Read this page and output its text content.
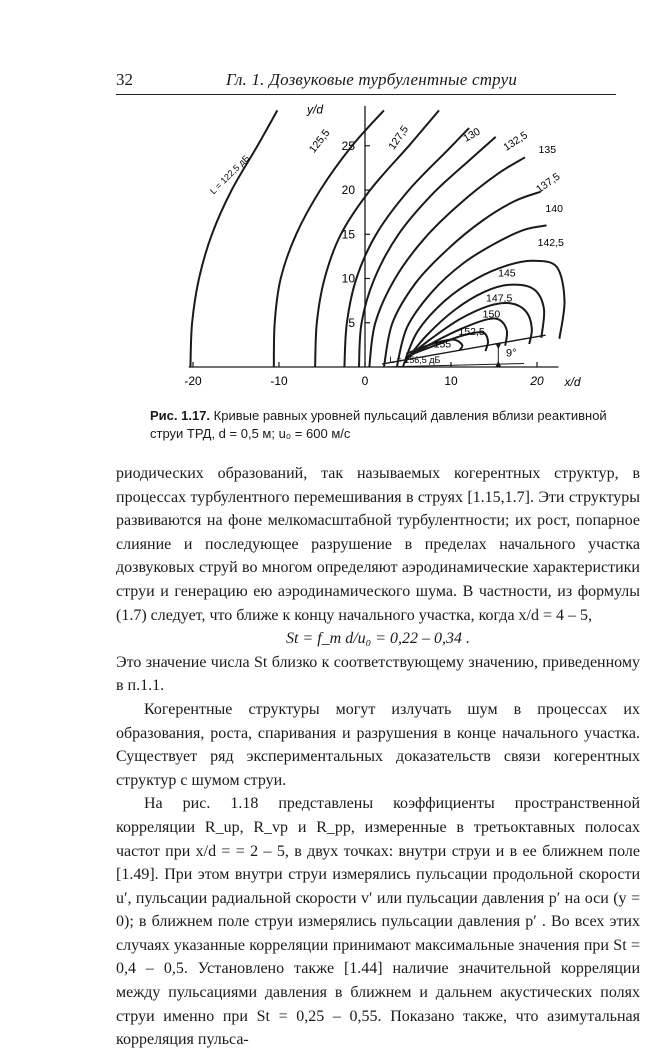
32	Гл. 1. Дозвуковые турбулентные струи
-20	-10	0	10	20
5
10
15
20
25
y/d
x/d
L = 122,5 дБ
125,5	127,5	130 132,5 135
137,5
140
142,5
145
147,5
150
152,5
155
L = 156,5 дБ
9°
Рис. 1.17. Кривые равных уровней пульсаций давления вблизи реактивной струи ТРД, d = 0,5 м; u₀ = 600 м/с

риодических образований, так называемых когерентных структур, в процессах турбулентного перемешивания в струях [1.15,1.7]. Эти структуры развиваются на фоне мелкомасштабной турбулентности; их рост, попарное слияние и последующее разрушение в пределах начального участка дозвуковых струй во многом определяют аэродинамические характеристики струи и генерацию ею аэродинамического шума. В частности, из формулы (1.7) следует, что ближе к концу начального участка, когда x/d = 4 – 5,

St = f_m d/u₀ = 0,22 – 0,34 .

Это значение числа St близко к соответствующему значению, приведенному в п.1.1.

Когерентные структуры могут излучать шум в процессах их образования, роста, спаривания и разрушения в конце начального участка. Существует ряд экспериментальных доказательств связи когерентных структур с шумом струи.

На рис. 1.18 представлены коэффициенты пространственной корреляции R_up, R_vp и R_pp, измеренные в третьоктавных полосах частот при x/d = = 2 – 5, в двух точках: внутри струи и в ее ближнем поле [1.49]. При этом внутри струи измерялись пульсации продольной скорости u′, пульсации радиальной скорости v′ или пульсации давления p′ на оси (y = 0); в ближнем поле струи измерялись пульсации давления p′ . Во всех этих случаях указанные корреляции принимают максимальные значения при St = 0,4 – 0,5. Установлено также [1.44] наличие значительной корреляции между пульсациями давления в ближнем и дальнем акустических полях струи именно при St = 0,25 – 0,55. Показано также, что азимутальная корреляция пульса-
